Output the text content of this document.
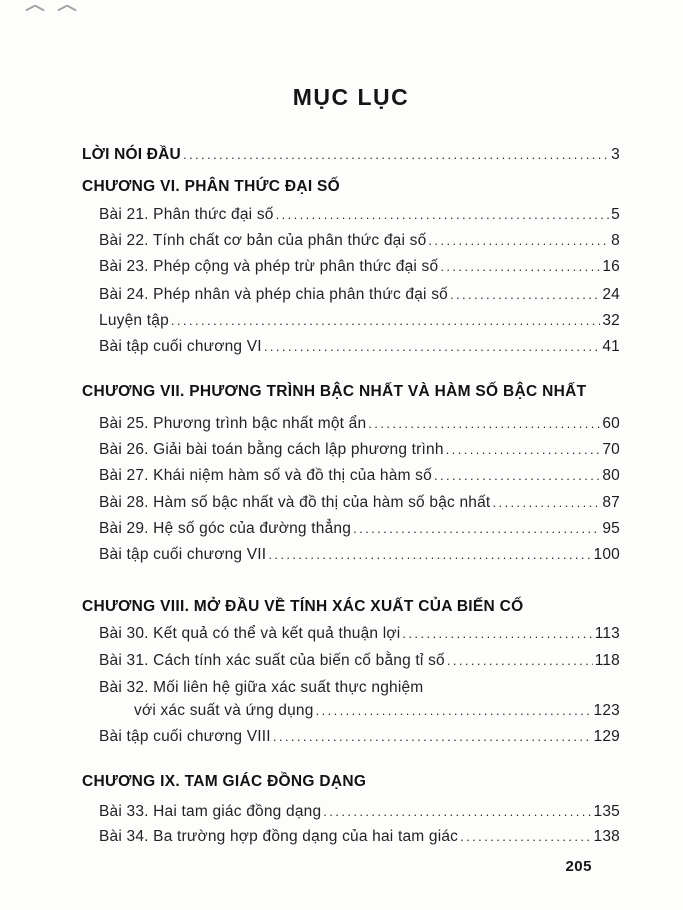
MỤC LỤC
LỜI NÓI ĐẦU .....	3
CHƯƠNG VI. PHÂN THỨC ĐẠI SỐ
Bài 21. Phân thức đại số .....	5
Bài 22. Tính chất cơ bản của phân thức đại số .....	8
Bài 23. Phép cộng và phép trừ phân thức đại số .....	16
Bài 24. Phép nhân và phép chia phân thức đại số .....	24
Luyện tập .....	32
Bài tập cuối chương VI .....	41
CHƯƠNG VII. PHƯƠNG TRÌNH BẬC NHẤT VÀ HÀM SỐ BẬC NHẤT
Bài 25. Phương trình bậc nhất một ẩn .....	60
Bài 26. Giải bài toán bằng cách lập phương trình .....	70
Bài 27. Khái niệm hàm số và đồ thị của hàm số .....	80
Bài 28. Hàm số bậc nhất và đồ thị của hàm số bậc nhất .....	87
Bài 29. Hệ số góc của đường thẳng .....	95
Bài tập cuối chương VII .....	100
CHƯƠNG VIII. MỞ ĐẦU VỀ TÍNH XÁC XUẤT CỦA BIẾN CỐ
Bài 30. Kết quả có thể và kết quả thuận lợi .....	113
Bài 31. Cách tính xác suất của biến cố bằng tỉ số .....	118
Bài 32. Mối liên hệ giữa xác suất thực nghiệm
với xác suất và ứng dụng .....	123
Bài tập cuối chương VIII .....	129
CHƯƠNG IX. TAM GIÁC ĐỒNG DẠNG
Bài 33. Hai tam giác đồng dạng .....	135
Bài 34. Ba trường hợp đồng dạng của hai tam giác .....	138
205
